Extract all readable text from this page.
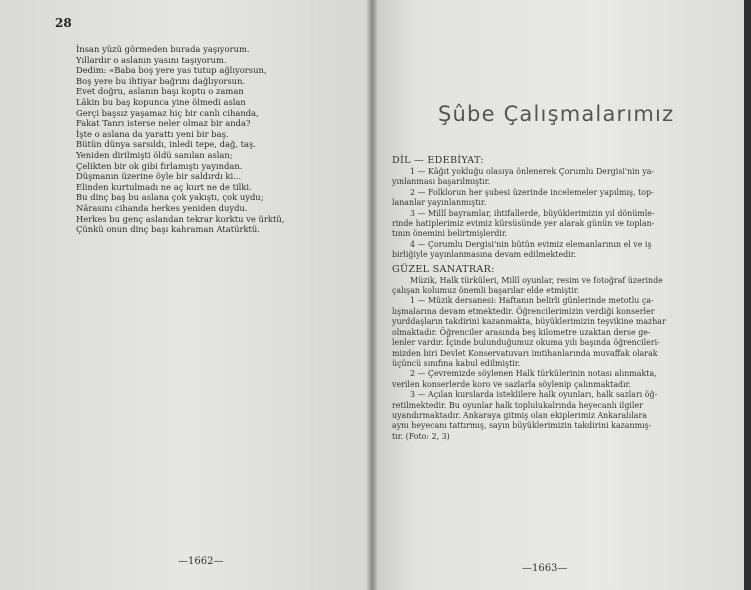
28
İnsan yüzü görmeden burada yaşıyorum.
Yıllardır o aslanın yasını taşıyorum.
Dedim: «Baba boş yere yas tutup ağlıyorsun,
Boş yere bu ihtiyar bağrını dağlıyorsun.
Evet doğru, aslanın başı koptu o zaman
Lâkin bu baş kopunca yine ölmedi aslan
Gerçi başsız yaşamaz hiç bir canlı cihanda,
Fakat Tanrı isterse neler olmaz bir anda?
İşte o aslana da yarattı yeni bir baş.
Bütün dünya sarsıldı, inledi tepe, dağ, taş.
Yeniden dirilmişti öldü sanılan aslan;
Çelikten bir ok gibi fırlamıştı yayından.
Düşmanın üzerine öyle bir saldırdı ki...
Elinden kurtulmadı ne aç kurt ne de tilki.
Bu dinç baş bu aslana çok yakıştı, çok uydu;
Nârasını cihanda herkes yeniden duydu.
Herkes bu genç aslandan tekrar korktu ve ürktü,
Çünkü onun dinç başı kahraman Atatürktü.
—1662—
Şûbe Çalışmalarımız
DİL — EDEBİYAT:

1 — Kâğıt yokluğu olasıya önlenerek Çorumlu Dergisi'nin ya-
yınlanması başarılmıştır.

2 — Folklorun her şubesi üzerinde incelemeler yapılmış, top-
lananlar yayınlanmıştır.

3 — Millî bayramlar, ihtifallerde, büyüklerimizin yıl dönümle-
rinde hatiplerimiz evimiz kürsüsünde yer alarak günün ve toplan-
tının önemini belirtmişlerdir.

4 — Çorumlu Dergisi'nin bütün evimiz elemanlarının el ve iş
birliğiyle yayınlanmasına devam edilmektedir.

GÜZEL SANATRAR:

Müzik, Halk türküleri, Millî oyunlar, resim ve fotoğraf üzerinde
çalışan kolumuz önemli başarılar elde etmiştir.

1 — Müzik dersanesi: Haftanın belirli günlerinde metotlu ça-
lışmalarına devam etmektedir. Öğrencilerimizin verdiği konserler
yurddaşların takdirini kazanmakta, büyüklerimizin teşvikine mazhar
olmaktadır. Öğrenciler arasında beş kilometre uzaktan derse ge-
lenler vardır. İçinde bulunduğumuz okuma yılı başında öğrencileri-
mizden biri Devlet Konservatuvarı imtihanlarında muvaffak olarak
üçüncü sınıfına kabul edilmiştir.

2 — Çevremizde söylenen Halk türkülerinin notası alınmakta,
verilen konserlerde koro ve sazlarla söylenip çalınmaktadır.

3 — Açılan kurslarda isteklilere halk oyunları, halk sazları öğ-
retilmektedir. Bu oyunlar halk toplulukalrında heyecanlı ilgiler
uyandırmaktadır. Ankaraya gitmiş olan ekiplerimiz Ankaralılara
aynı heyecanı tattırmış, sayın büyüklerimizin takdirini kazanmış-
tır. (Foto: 2, 3)

—1663—
